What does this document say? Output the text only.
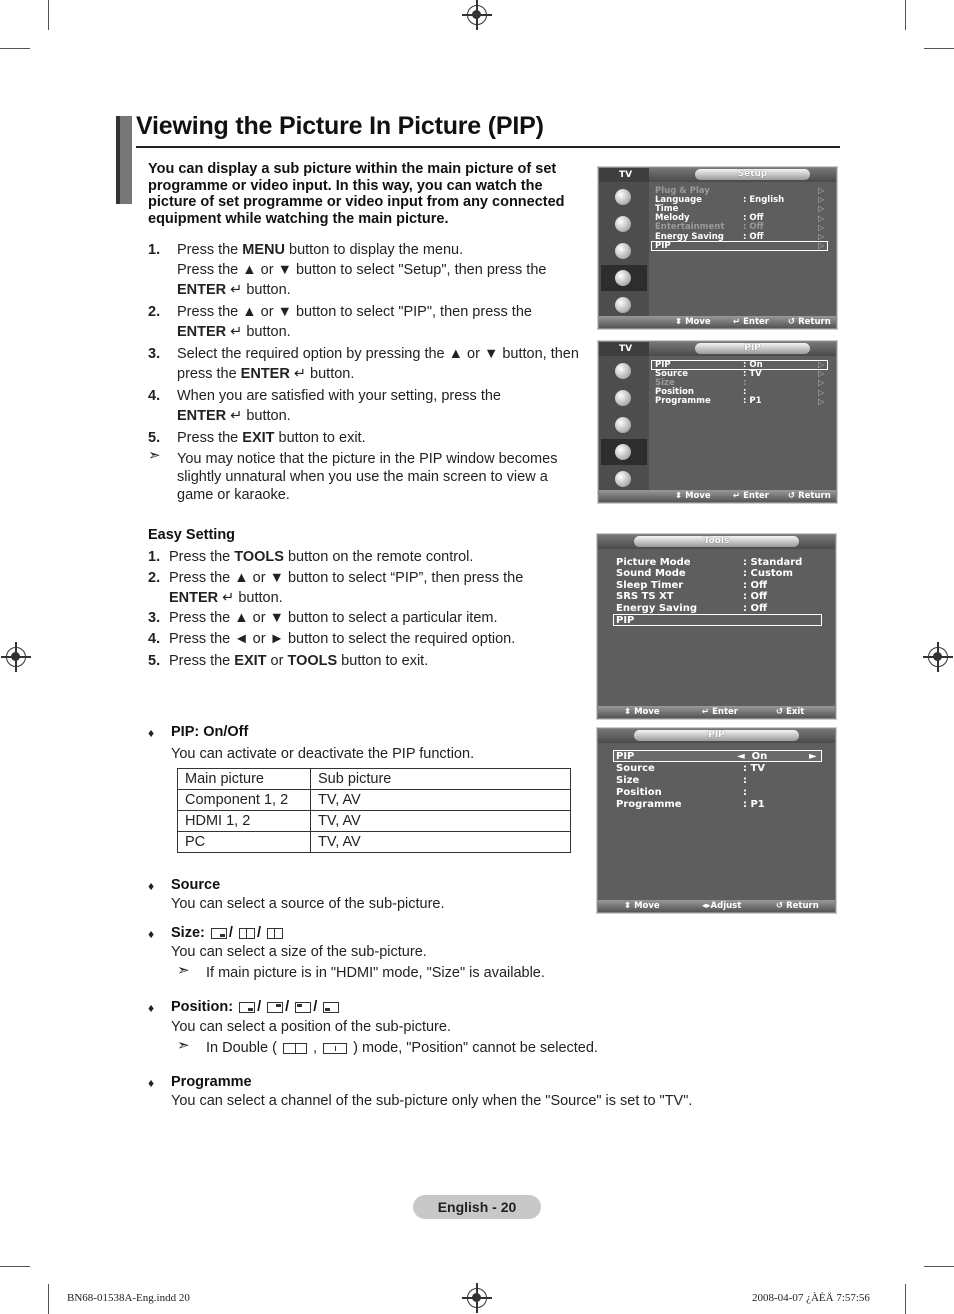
Viewing the Picture In Picture (PIP)
You can display a sub picture within the main picture of set programme or video input. In this way, you can watch the picture of set programme or video input from any connected equipment while watching the main picture.
1. Press the MENU button to display the menu.
Press the ▲ or ▼ button to select "Setup", then press the
ENTER ↵ button.
2. Press the ▲ or ▼ button to select "PIP", then press the
ENTER ↵ button.
3. Select the required option by pressing the ▲ or ▼ button, then
press the ENTER ↵ button.
4. When you are satisfied with your setting, press the
ENTER ↵ button.
5. Press the EXIT button to exit.
➣ You may notice that the picture in the PIP window becomes slightly unnatural when you use the main screen to view a game or karaoke.
Easy Setting
1. Press the TOOLS button on the remote control.
2. Press the ▲ or ▼ button to select “PIP”, then press the
ENTER ↵ button.
3. Press the ▲ or ▼ button to select a particular item.
4. Press the ◄ or ► button to select the required option.
5. Press the EXIT or TOOLS button to exit.
♦ PIP: On/Off
You can activate or deactivate the PIP function.
Main picture	Sub picture
Component 1, 2	TV, AV
HDMI 1, 2	TV, AV
PC	TV, AV
♦ Source
You can select a source of the sub-picture.
♦ Size: /
/
You can select a size of the sub-picture.
➣ If main picture is in "HDMI" mode, "Size" is available.
♦ Position: /
/
/
You can select a position of the sub-picture.
➣ In Double (
,
) mode, "Position" cannot be selected.
♦ Programme
You can select a channel of the sub-picture only when the "Source" is set to "TV".
TV	Setup
Plug & Play
Language	: English
Time
Melody	: Off
Entertainment : Off
Energy Saving : Off
PIP
▷
▷
▷
▷
▷
▷
▷
⬍ Move	↵ Enter ↺ Return
TV	PIP
PIP	: On
Source	: TV
Size	:
Position	:
Programme	: P1
▷
▷
▷
▷
▷
⬍ Move	↵ Enter ↺ Return
Tools
Picture Mode	: Standard
Sound Mode	: Custom
Sleep Timer	: Off
SRS TS XT	: Off
Energy Saving	: Off
PIP
⬍ Move	↵ Enter	↺ Exit
PIP
PIP	◄  On	►
Source	: TV
Size	:
Position	:
Programme	: P1
⬍ Move	◂▸Adjust	↺ Return
English - 20
BN68-01538A-Eng.indd 20	2008-04-07 ¿ÀÈÄ 7:57:56
